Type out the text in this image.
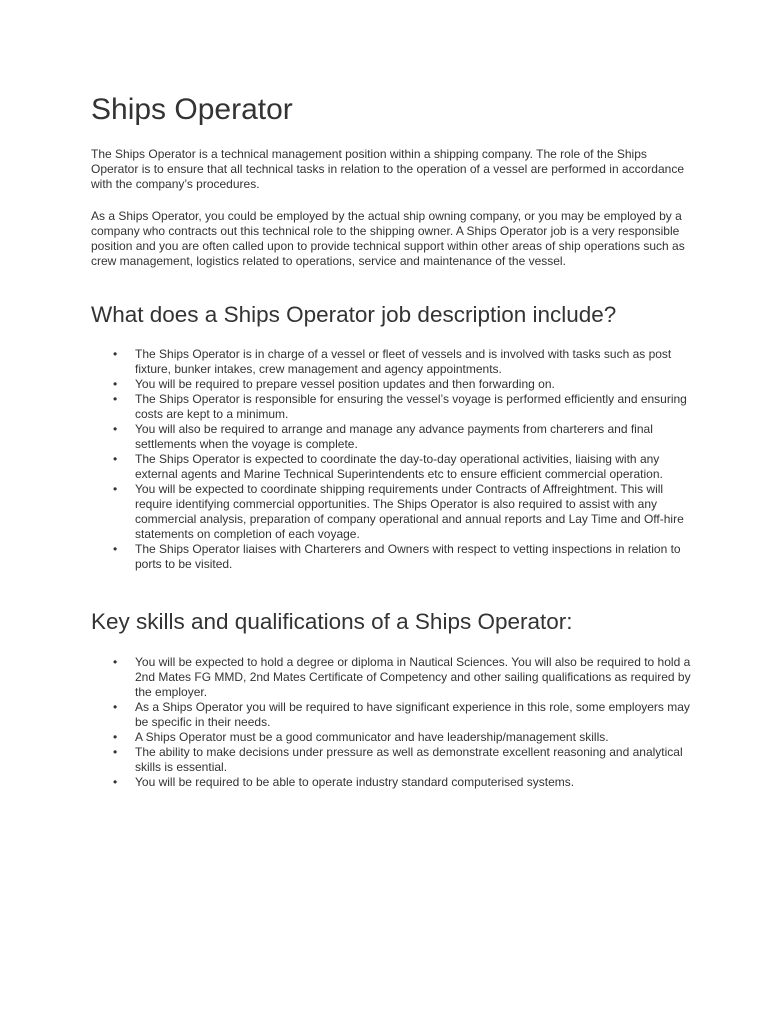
Ships Operator

The Ships Operator is a technical management position within a shipping company. The role of the Ships Operator is to ensure that all technical tasks in relation to the operation of a vessel are performed in accordance with the company’s procedures.

As a Ships Operator, you could be employed by the actual ship owning company, or you may be employed by a company who contracts out this technical role to the shipping owner. A Ships Operator job is a very responsible position and you are often called upon to provide technical support within other areas of ship operations such as crew management, logistics related to operations, service and maintenance of the vessel.

What does a Ships Operator job description include?
•	The Ships Operator is in charge of a vessel or fleet of vessels and is involved with tasks such as post fixture, bunker intakes, crew management and agency appointments.
•	You will be required to prepare vessel position updates and then forwarding on.
•	The Ships Operator is responsible for ensuring the vessel’s voyage is performed efficiently and ensuring costs are kept to a minimum.
•	You will also be required to arrange and manage any advance payments from charterers and final settlements when the voyage is complete.
•	The Ships Operator is expected to coordinate the day-to-day operational activities, liaising with any external agents and Marine Technical Superintendents etc to ensure efficient commercial operation.
•	You will be expected to coordinate shipping requirements under Contracts of Affreightment. This will require identifying commercial opportunities. The Ships Operator is also required to assist with any commercial analysis, preparation of company operational and annual reports and Lay Time and Off-hire statements on completion of each voyage.
•	The Ships Operator liaises with Charterers and Owners with respect to vetting inspections in relation to ports to be visited.
Key skills and qualifications of a Ships Operator:
•	You will be expected to hold a degree or diploma in Nautical Sciences. You will also be required to hold a 2nd Mates FG MMD, 2nd Mates Certificate of Competency and other sailing qualifications as required by the employer.
•	As a Ships Operator you will be required to have significant experience in this role, some employers may be specific in their needs.
•	A Ships Operator must be a good communicator and have leadership/management skills.
•	The ability to make decisions under pressure as well as demonstrate excellent reasoning and analytical skills is essential.
•	You will be required to be able to operate industry standard computerised systems.
